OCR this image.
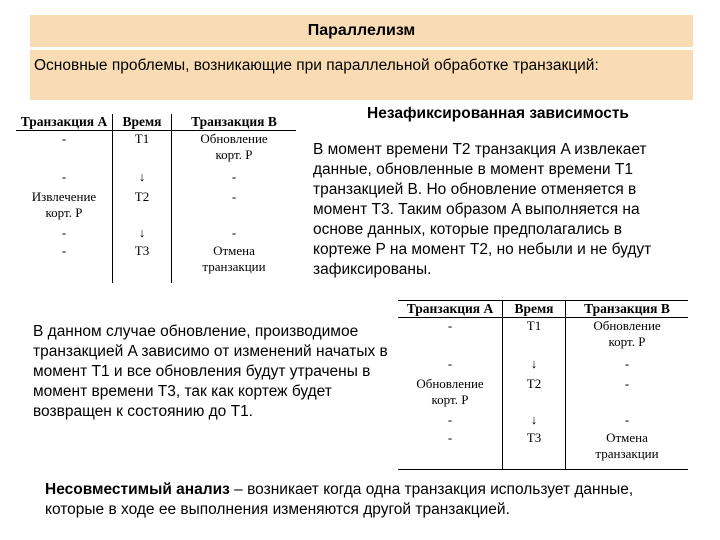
Параллелизм
Основные проблемы, возникающие при параллельной обработке транзакций:
Транзакция A	Время	Транзакция B
-	T1	Обновление корт. P
-	↓	-
Извлечение корт. P	T2	-
-	↓	-
-	T3	Отмена транзакции
Незафиксированная зависимость
В момент времени T2 транзакция A извлекает данные, обновленные в момент времени T1 транзакцией B. Но обновление отменяется в момент T3. Таким образом A выполняется на основе данных, которые предполагались в кортеже P на момент T2, но небыли и не будут зафиксированы.
Транзакция A	Время	Транзакция B
-	T1	Обновление корт. P
-	↓	-
Обновление корт. P	T2	-
-	↓	-
-	T3	Отмена транзакции
В данном случае обновление, производимое транзакцией A зависимо от изменений начатых в момент T1 и все обновления будут утрачены в момент времени T3, так как кортеж будет возвращен к состоянию до T1.
Несовместимый анализ – возникает когда одна транзакция использует данные, которые в ходе ее выполнения изменяются другой транзакцией.
